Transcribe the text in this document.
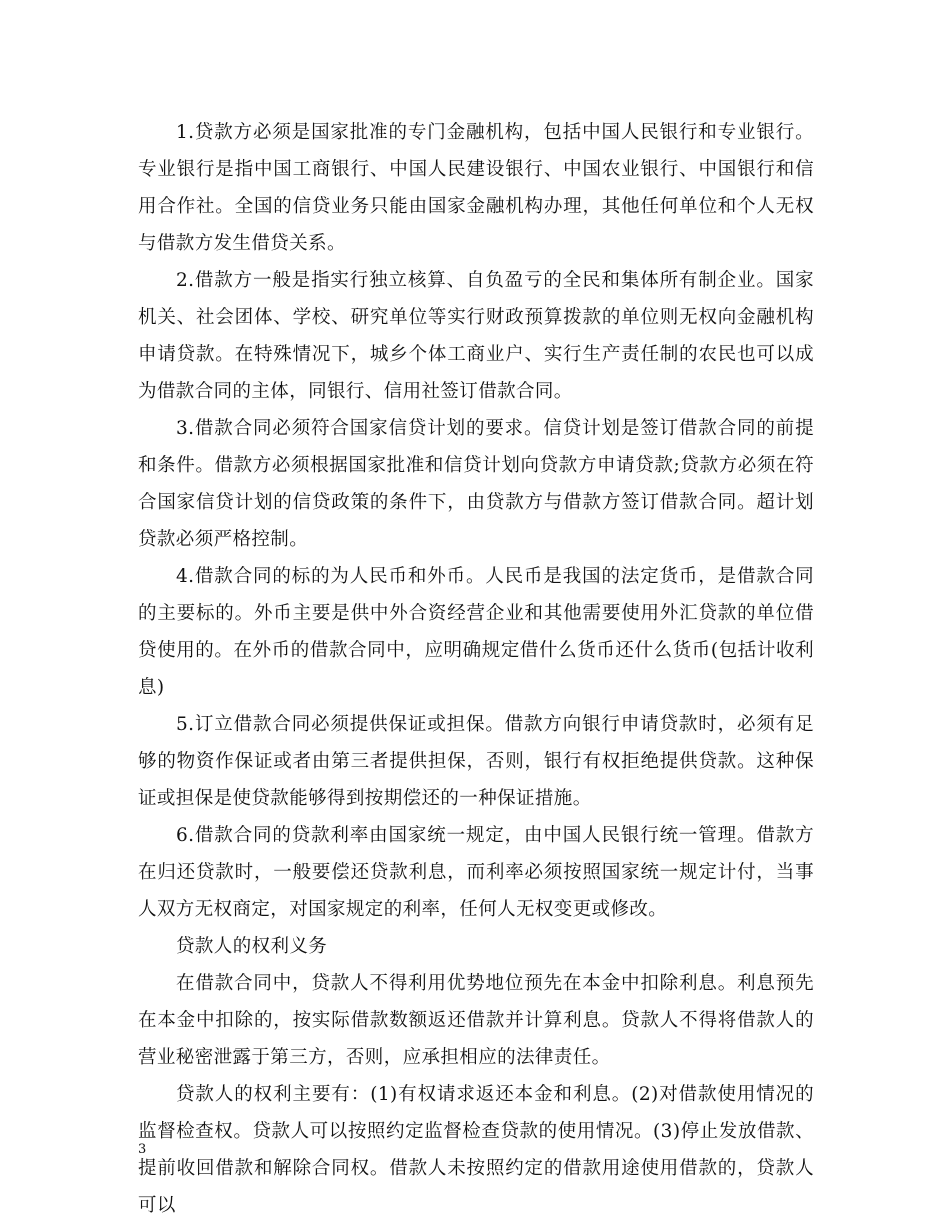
1.贷款方必须是国家批准的专门金融机构，包括中国人民银行和专业银行。专业银行是指中国工商银行、中国人民建设银行、中国农业银行、中国银行和信用合作社。全国的信贷业务只能由国家金融机构办理，其他任何单位和个人无权与借款方发生借贷关系。

2.借款方一般是指实行独立核算、自负盈亏的全民和集体所有制企业。国家机关、社会团体、学校、研究单位等实行财政预算拨款的单位则无权向金融机构申请贷款。在特殊情况下，城乡个体工商业户、实行生产责任制的农民也可以成为借款合同的主体，同银行、信用社签订借款合同。

3.借款合同必须符合国家信贷计划的要求。信贷计划是签订借款合同的前提和条件。借款方必须根据国家批准和信贷计划向贷款方申请贷款;贷款方必须在符合国家信贷计划的信贷政策的条件下，由贷款方与借款方签订借款合同。超计划贷款必须严格控制。

4.借款合同的标的为人民币和外币。人民币是我国的法定货币，是借款合同的主要标的。外币主要是供中外合资经营企业和其他需要使用外汇贷款的单位借贷使用的。在外币的借款合同中，应明确规定借什么货币还什么货币(包括计收利息)

5.订立借款合同必须提供保证或担保。借款方向银行申请贷款时，必须有足够的物资作保证或者由第三者提供担保，否则，银行有权拒绝提供贷款。这种保证或担保是使贷款能够得到按期偿还的一种保证措施。

6.借款合同的贷款利率由国家统一规定，由中国人民银行统一管理。借款方在归还贷款时，一般要偿还贷款利息，而利率必须按照国家统一规定计付，当事人双方无权商定，对国家规定的利率，任何人无权变更或修改。

贷款人的权利义务

在借款合同中，贷款人不得利用优势地位预先在本金中扣除利息。利息预先在本金中扣除的，按实际借款数额返还借款并计算利息。贷款人不得将借款人的营业秘密泄露于第三方，否则，应承担相应的法律责任。

贷款人的权利主要有：(1)有权请求返还本金和利息。(2)对借款使用情况的监督检查权。贷款人可以按照约定监督检查贷款的使用情况。(3)停止发放借款、提前收回借款和解除合同权。借款人未按照约定的借款用途使用借款的，贷款人可以

3
